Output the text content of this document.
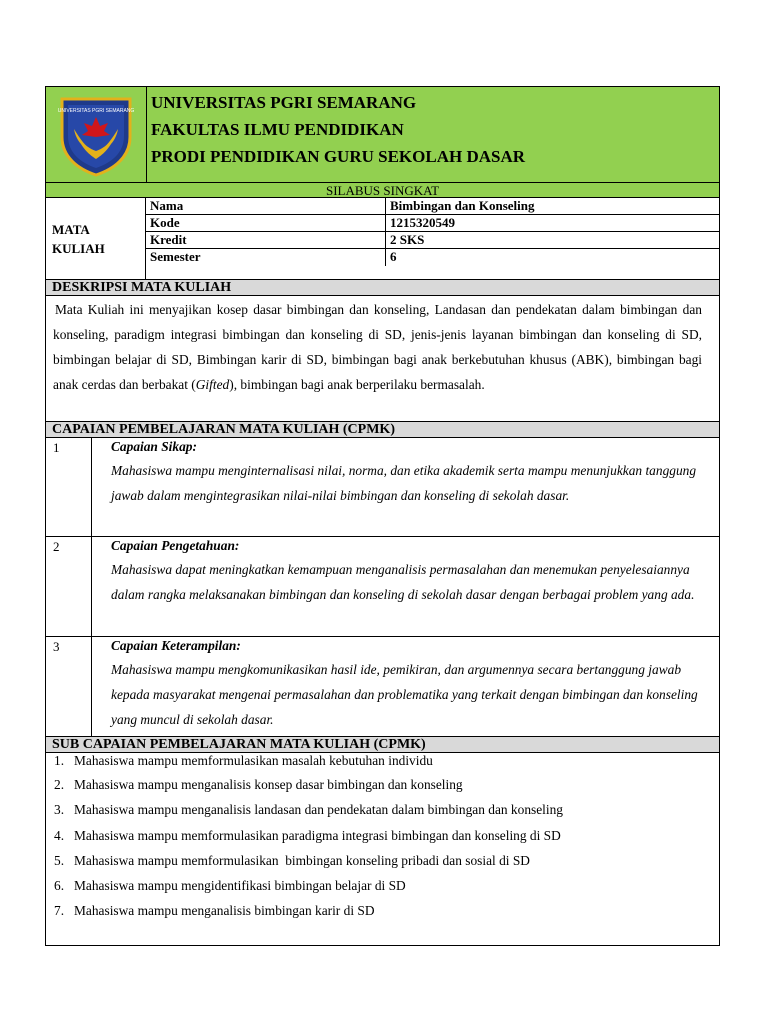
UNIVERSITAS PGRI SEMARANG UNIVERSITAS PGRI SEMARANG
FAKULTAS ILMU PENDIDIKAN
PRODI PENDIDIKAN GURU SEKOLAH DASAR
SILABUS SINGKAT
MATA
KULIAH
Nama	Bimbingan dan Konseling
Kode	1215320549
Kredit	2 SKS
Semester	6
DESKRIPSI MATA KULIAH

Mata Kuliah ini menyajikan kosep dasar bimbingan dan konseling, Landasan dan pendekatan dalam bimbingan dan konseling, paradigm integrasi bimbingan dan konseling di SD, jenis-jenis layanan bimbingan dan konseling di SD, bimbingan belajar di SD, Bimbingan karir di SD, bimbingan bagi anak berkebutuhan khusus (ABK), bimbingan bagi anak cerdas dan berbakat (Gifted), bimbingan bagi anak berperilaku bermasalah.

CAPAIAN PEMBELAJARAN MATA KULIAH (CPMK)
1	Capaian Sikap:
Mahasiswa mampu menginternalisasi nilai, norma, dan etika akademik serta mampu menunjukkan tanggung jawab dalam mengintegrasikan nilai-nilai bimbingan dan konseling di sekolah dasar.
2	Capaian Pengetahuan:
Mahasiswa dapat meningkatkan kemampuan menganalisis permasalahan dan menemukan penyelesaiannya dalam rangka melaksanakan bimbingan dan konseling di sekolah dasar dengan berbagai problem yang ada.
3	Capaian Keterampilan:
Mahasiswa mampu mengkomunikasikan hasil ide, pemikiran, dan argumennya secara bertanggung jawab kepada masyarakat mengenai permasalahan dan problematika yang terkait dengan bimbingan dan konseling yang muncul di sekolah dasar.
SUB CAPAIAN PEMBELAJARAN MATA KULIAH (CPMK)
1. Mahasiswa mampu memformulasikan masalah kebutuhan individu
2. Mahasiswa mampu menganalisis konsep dasar bimbingan dan konseling
3. Mahasiswa mampu menganalisis landasan dan pendekatan dalam bimbingan dan konseling
4. Mahasiswa mampu memformulasikan paradigma integrasi bimbingan dan konseling di SD
5. Mahasiswa mampu memformulasikan  bimbingan konseling pribadi dan sosial di SD
6. Mahasiswa mampu mengidentifikasi bimbingan belajar di SD
7. Mahasiswa mampu menganalisis bimbingan karir di SD
